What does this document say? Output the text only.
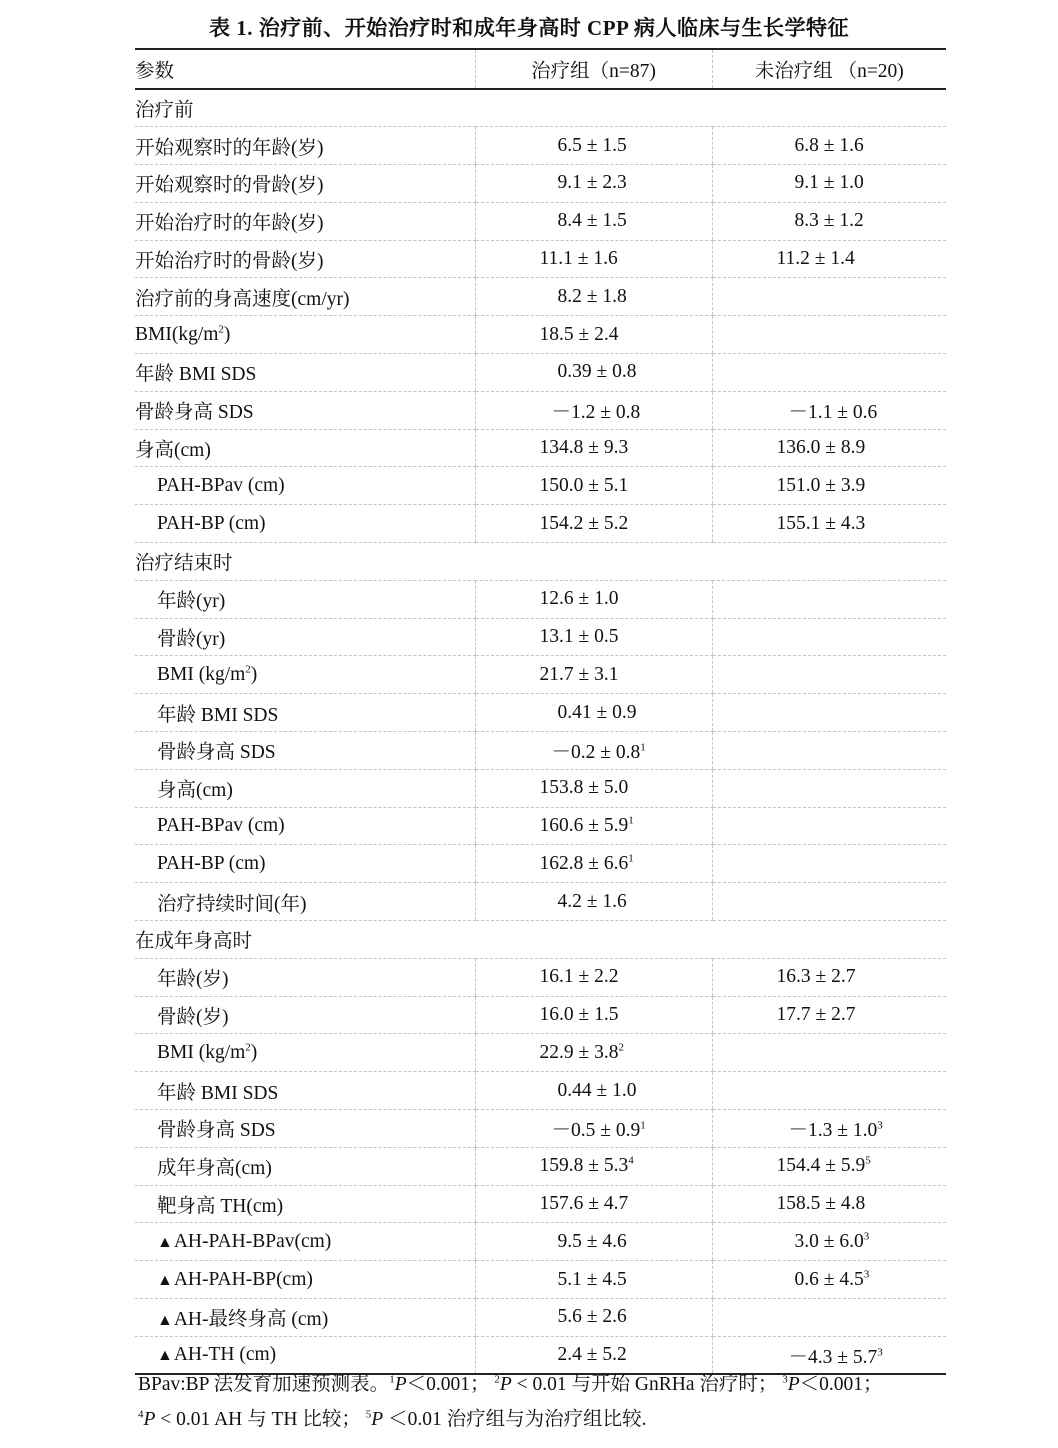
表 1. 治疗前、开始治疗时和成年身高时 CPP 病人临床与生长学特征
参数	治疗组（n=87)	未治疗组 （n=20)
治疗前		
开始观察时的年龄(岁)	6.5 ± 1.5	6.8 ± 1.6
开始观察时的骨龄(岁)	9.1 ± 2.3	9.1 ± 1.0
开始治疗时的年龄(岁)	8.4 ± 1.5	8.3 ± 1.2
开始治疗时的骨龄(岁)	11.1 ± 1.6	11.2 ± 1.4
治疗前的身高速度(cm/yr)	8.2 ± 1.8	
$BMI(kg/m^2)$	18.5 ± 2.4	
年龄 BMI SDS	0.39 ± 0.8	
骨龄身高 SDS	－1.2 ± 0.8	－1.1 ± 0.6
身高(cm)	134.8 ± 9.3	136.0 ± 8.9
PAH-BPav (cm)	150.0 ± 5.1	151.0 ± 3.9
PAH-BP (cm)	154.2 ± 5.2	155.1 ± 4.3
治疗结束时		
年龄(yr)	12.6 ± 1.0	
骨龄(yr)	13.1 ± 0.5	
BMI $(kg/m^2)$	21.7 ± 3.1	
年龄 BMI SDS	0.41 ± 0.9	
骨龄身高 SDS	$-0.2 \pm 0.8^1$	
身高(cm)	153.8 ± 5.0	
PAH-BPav (cm)	$160.6 \pm 5.9^1$	
PAH-BP (cm)	$162.8 \pm 6.6^1$	
治疗持续时间(年)	4.2 ± 1.6	
在成年身高时		
年龄(岁)	16.1 ± 2.2	16.3 ± 2.7
骨龄(岁)	16.0 ± 1.5	17.7 ± 2.7
BMI $(kg/m^2)$	$22.9 \pm 3.8^2$	
年龄 BMI SDS	0.44 ± 1.0	
骨龄身高 SDS	$-0.5 \pm 0.9^1$	$-1.3 \pm 1.0^3$
成年身高(cm)	$159.8 \pm 5.3^4$	$154.4 \pm 5.9^5$
靶身高 TH(cm)	157.6 ± 4.7	158.5 ± 4.8
▲AH-PAH-BPav(cm)	9.5 ± 4.6	$3.0 \pm 6.0^3$
▲AH-PAH-BP(cm)	5.1 ± 4.5	$0.6 \pm 4.5^3$
▲AH-最终身高 (cm)	5.6 ± 2.6	
▲AH-TH (cm)	2.4 ± 5.2	$-4.3 \pm 5.7^3$
BPav:BP 法发育加速预测表。$^1$P＜0.001； $^2$P < 0.01 与开始 GnRHa 治疗时； $^3$P＜0.001；
$^4$P < 0.01 AH 与 TH 比较； $^5$P ＜0.01 治疗组与为治疗组比较.
